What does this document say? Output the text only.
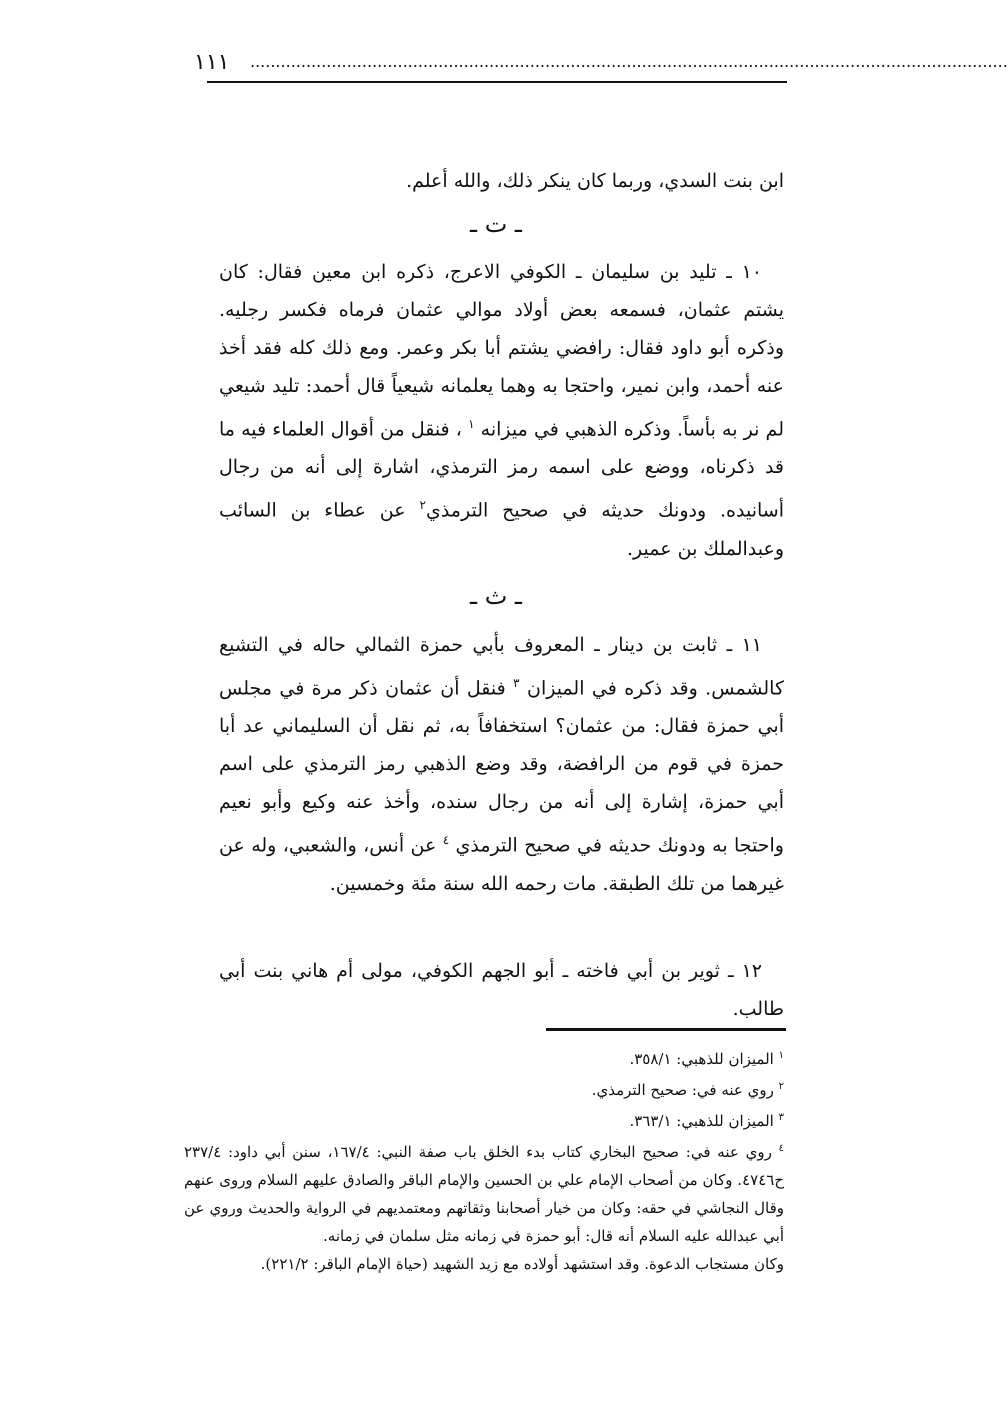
١١١ .....................................................................................................................................................

ابن بنت السدي، وربما كان ينكر ذلك، والله أعلم.

ـ ت ـ

١٠ ـ تليد بن سليمان ـ الكوفي الاعرج، ذكره ابن معين فقال: كان يشتم عثمان، فسمعه بعض أولاد موالي عثمان فرماه فكسر رجليه. وذكره أبو داود فقال: رافضي يشتم أبا بكر وعمر. ومع ذلك كله فقد أخذ عنه أحمد، وابن نمير، واحتجا به وهما يعلمانه شيعياً قال أحمد: تليد شيعي لم نر به بأساً. وذكره الذهبي في ميزانه $^١$ ، فنقل من أقوال العلماء فيه ما قد ذكرناه، ووضع على اسمه رمز الترمذي، اشارة إلى أنه من رجال أسانيده. ودونك حديثه في صحيح الترمذي$^٢$ عن عطاء بن السائب وعبدالملك بن عمير.

ـ ث ـ

١١ ـ ثابت بن دينار ـ المعروف بأبي حمزة الثمالي حاله في التشيع كالشمس. وقد ذكره في الميزان $^٣$ فنقل أن عثمان ذكر مرة في مجلس أبي حمزة فقال: من عثمان؟ استخفافاً به، ثم نقل أن السليماني عد أبا حمزة في قوم من الرافضة، وقد وضع الذهبي رمز الترمذي على اسم أبي حمزة، إشارة إلى أنه من رجال سنده، وأخذ عنه وكيع وأبو نعيم واحتجا به ودونك حديثه في صحيح الترمذي $^٤$ عن أنس، والشعبي، وله عن غيرهما من تلك الطبقة. مات رحمه الله سنة مئة وخمسين.

١٢ ـ ثوير بن أبي فاخته ـ أبو الجهم الكوفي، مولى أم هاني بنت أبي طالب.

$^١$ الميزان للذهبي: ٣٥٨/١.

$^٢$ روي عنه في: صحيح الترمذي.

$^٣$ الميزان للذهبي: ٣٦٣/١.

$^٤$ روي عنه في: صحيح البخاري كتاب بدء الخلق باب صفة النبي: ١٦٧/٤، سنن أبي داود: ٢٣٧/٤ ح٤٧٤٦. وكان من أصحاب الإمام علي بن الحسين والإمام الباقر والصادق عليهم السلام وروى عنهم وقال النجاشي في حقه: وكان من خيار أصحابنا وثقاتهم ومعتمديهم في الرواية والحديث وروي عن أبي عبدالله عليه السلام أنه قال: أبو حمزة في زمانه مثل سلمان في زمانه.

وكان مستجاب الدعوة. وقد استشهد أولاده مع زيد الشهيد (حياة الإمام الباقر: ٢٢١/٢).
